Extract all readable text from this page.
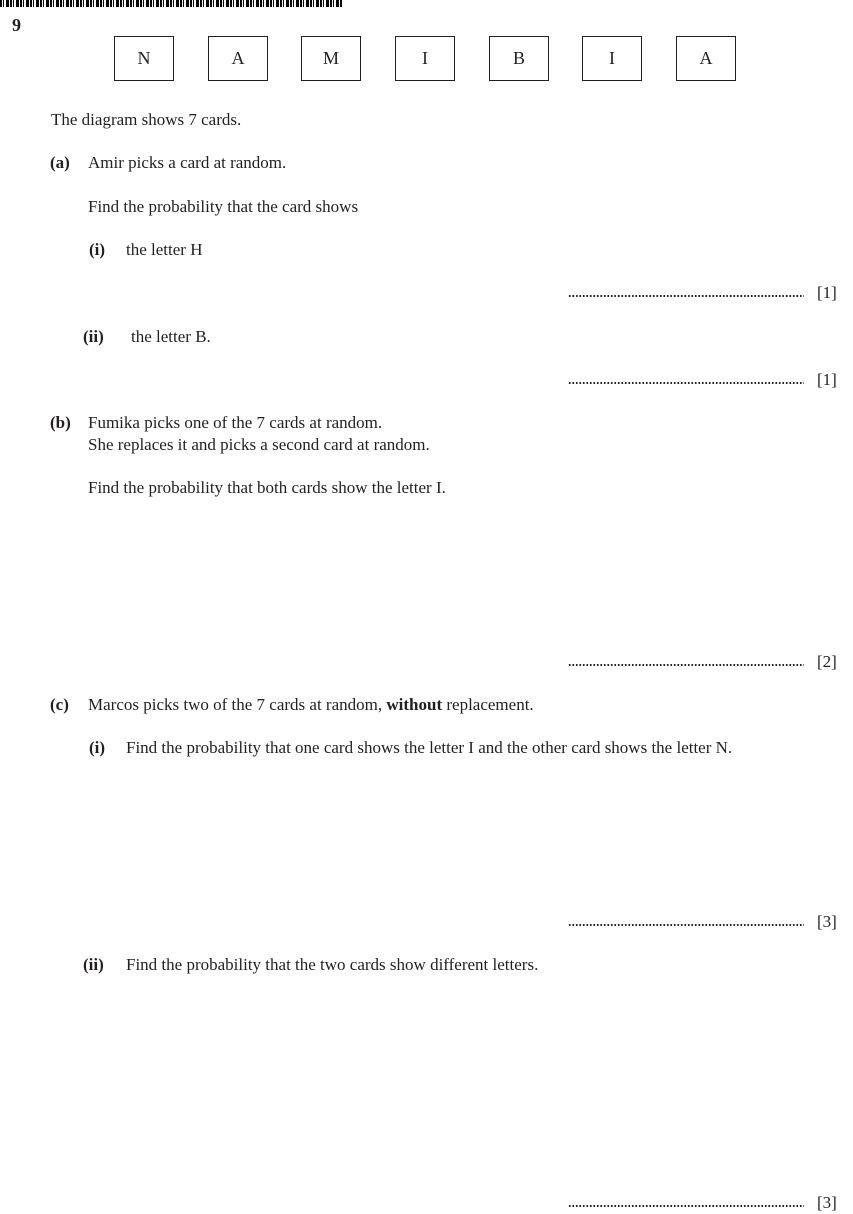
9
N	A	M	I	B	I	A
The diagram shows 7 cards.
(a) Amir picks a card at random.
Find the probability that the card shows
(i) the letter H
[1]
(ii) the letter B.
[1]
(b) Fumika picks one of the 7 cards at random.
She replaces it and picks a second card at random.
Find the probability that both cards show the letter I.
[2]
(c) Marcos picks two of the 7 cards at random, without replacement.
(i) Find the probability that one card shows the letter I and the other card shows the letter N.
[3]
(ii) Find the probability that the two cards show different letters.
[3]
